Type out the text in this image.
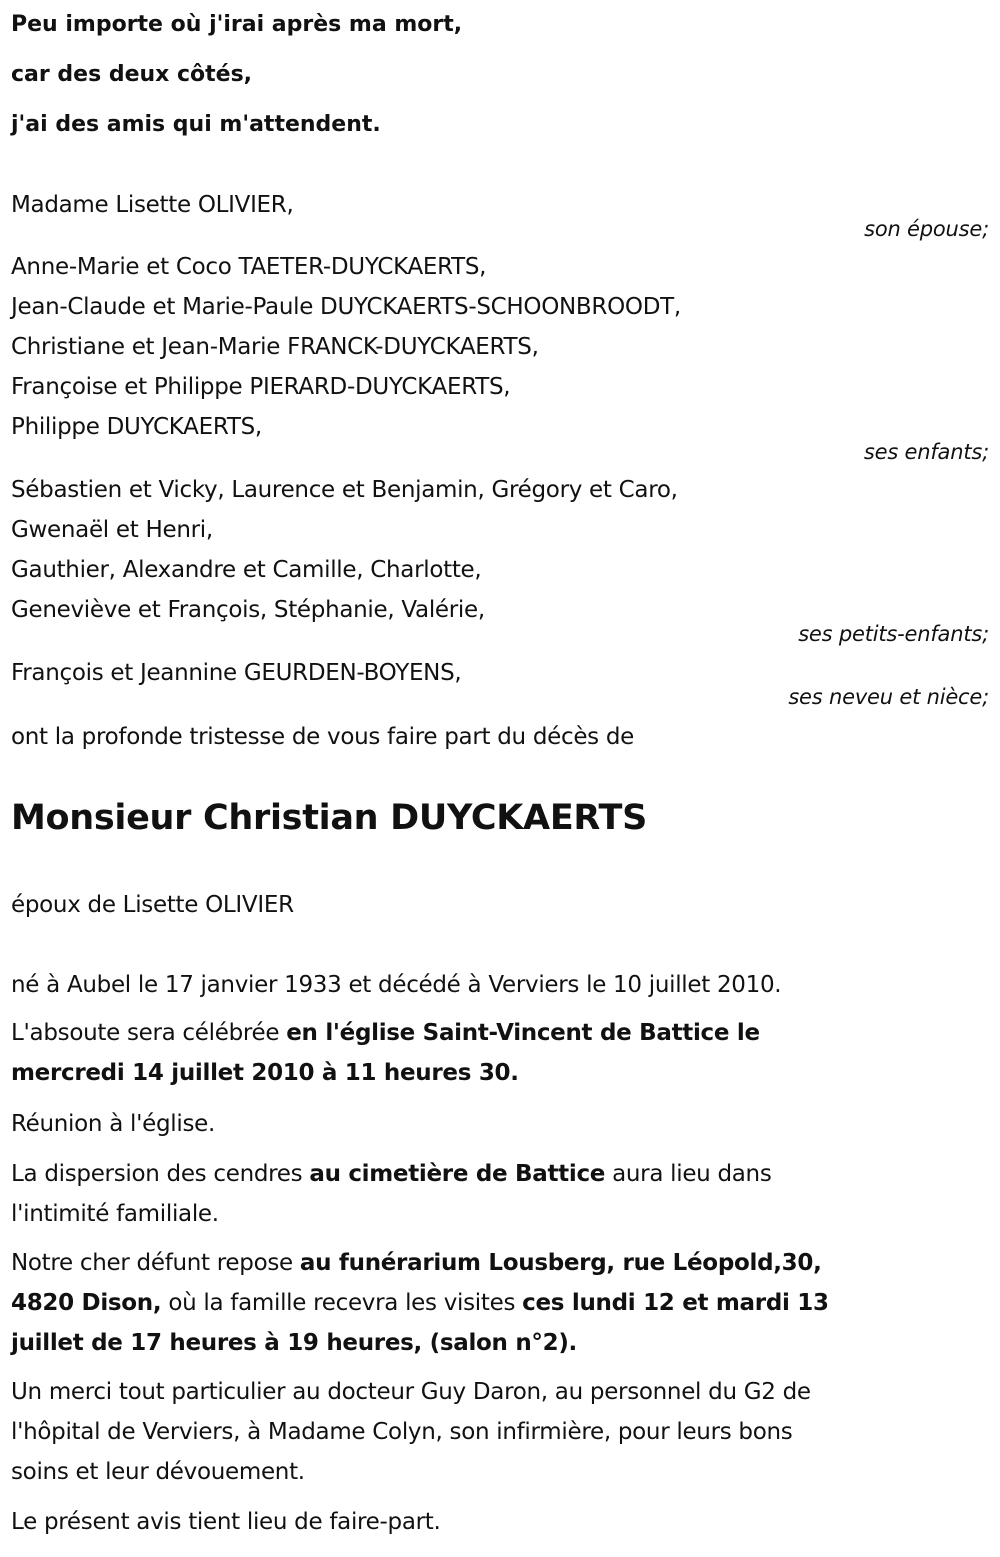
Peu importe où j'irai après ma mort,
car des deux côtés,
j'ai des amis qui m'attendent.
Madame Lisette OLIVIER,
son épouse;
Anne-Marie et Coco TAETER-DUYCKAERTS,
Jean-Claude et Marie-Paule DUYCKAERTS-SCHOONBROODT,
Christiane et Jean-Marie FRANCK-DUYCKAERTS,
Françoise et Philippe PIERARD-DUYCKAERTS,
Philippe DUYCKAERTS,
ses enfants;
Sébastien et Vicky, Laurence et Benjamin, Grégory et Caro,
Gwenaël et Henri,
Gauthier, Alexandre et Camille, Charlotte,
Geneviève et François, Stéphanie, Valérie,
ses petits-enfants;
François et Jeannine GEURDEN-BOYENS,
ses neveu et nièce;
ont la profonde tristesse de vous faire part du décès de
Monsieur Christian DUYCKAERTS
époux de Lisette OLIVIER
né à Aubel le 17 janvier 1933 et décédé à Verviers le 10 juillet 2010.
L'absoute sera célébrée en l'église Saint-Vincent de Battice le
mercredi 14 juillet 2010 à 11 heures 30.
Réunion à l'église.
La dispersion des cendres au cimetière de Battice aura lieu dans
l'intimité familiale.
Notre cher défunt repose au funérarium Lousberg, rue Léopold,30,
4820 Dison, où la famille recevra les visites ces lundi 12 et mardi 13
juillet de 17 heures à 19 heures, (salon n°2).
Un merci tout particulier au docteur Guy Daron, au personnel du G2 de
l'hôpital de Verviers, à Madame Colyn, son infirmière, pour leurs bons
soins et leur dévouement.
Le présent avis tient lieu de faire-part.
